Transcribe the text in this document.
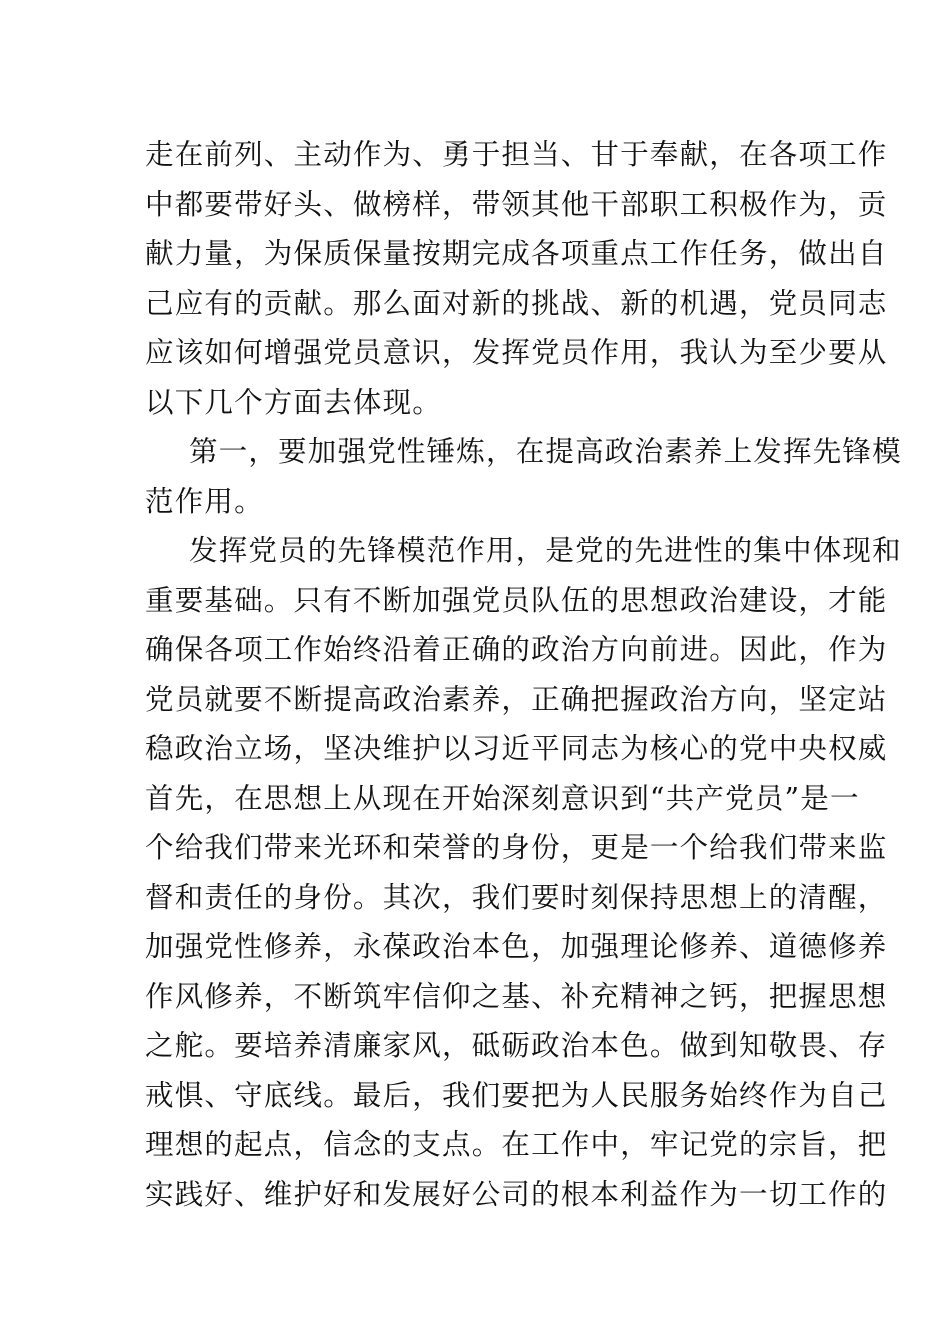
走在前列、主动作为、勇于担当、甘于奉献，在各项工作
中都要带好头、做榜样，带领其他干部职工积极作为，贡
献力量，为保质保量按期完成各项重点工作任务，做出自
己应有的贡献。那么面对新的挑战、新的机遇，党员同志
应该如何增强党员意识，发挥党员作用，我认为至少要从
以下几个方面去体现。
第一，要加强党性锤炼，在提高政治素养上发挥先锋模
范作用。
发挥党员的先锋模范作用，是党的先进性的集中体现和
重要基础。只有不断加强党员队伍的思想政治建设，才能
确保各项工作始终沿着正确的政治方向前进。因此，作为
党员就要不断提高政治素养，正确把握政治方向，坚定站
稳政治立场，坚决维护以习近平同志为核心的党中央权威
首先，在思想上从现在开始深刻意识到“共产党员”是一
个给我们带来光环和荣誉的身份，更是一个给我们带来监
督和责任的身份。其次，我们要时刻保持思想上的清醒，
加强党性修养，永葆政治本色，加强理论修养、道德修养
作风修养，不断筑牢信仰之基、补充精神之钙，把握思想
之舵。要培养清廉家风，砥砺政治本色。做到知敬畏、存
戒惧、守底线。最后，我们要把为人民服务始终作为自己
理想的起点，信念的支点。在工作中，牢记党的宗旨，把
实践好、维护好和发展好公司的根本利益作为一切工作的
